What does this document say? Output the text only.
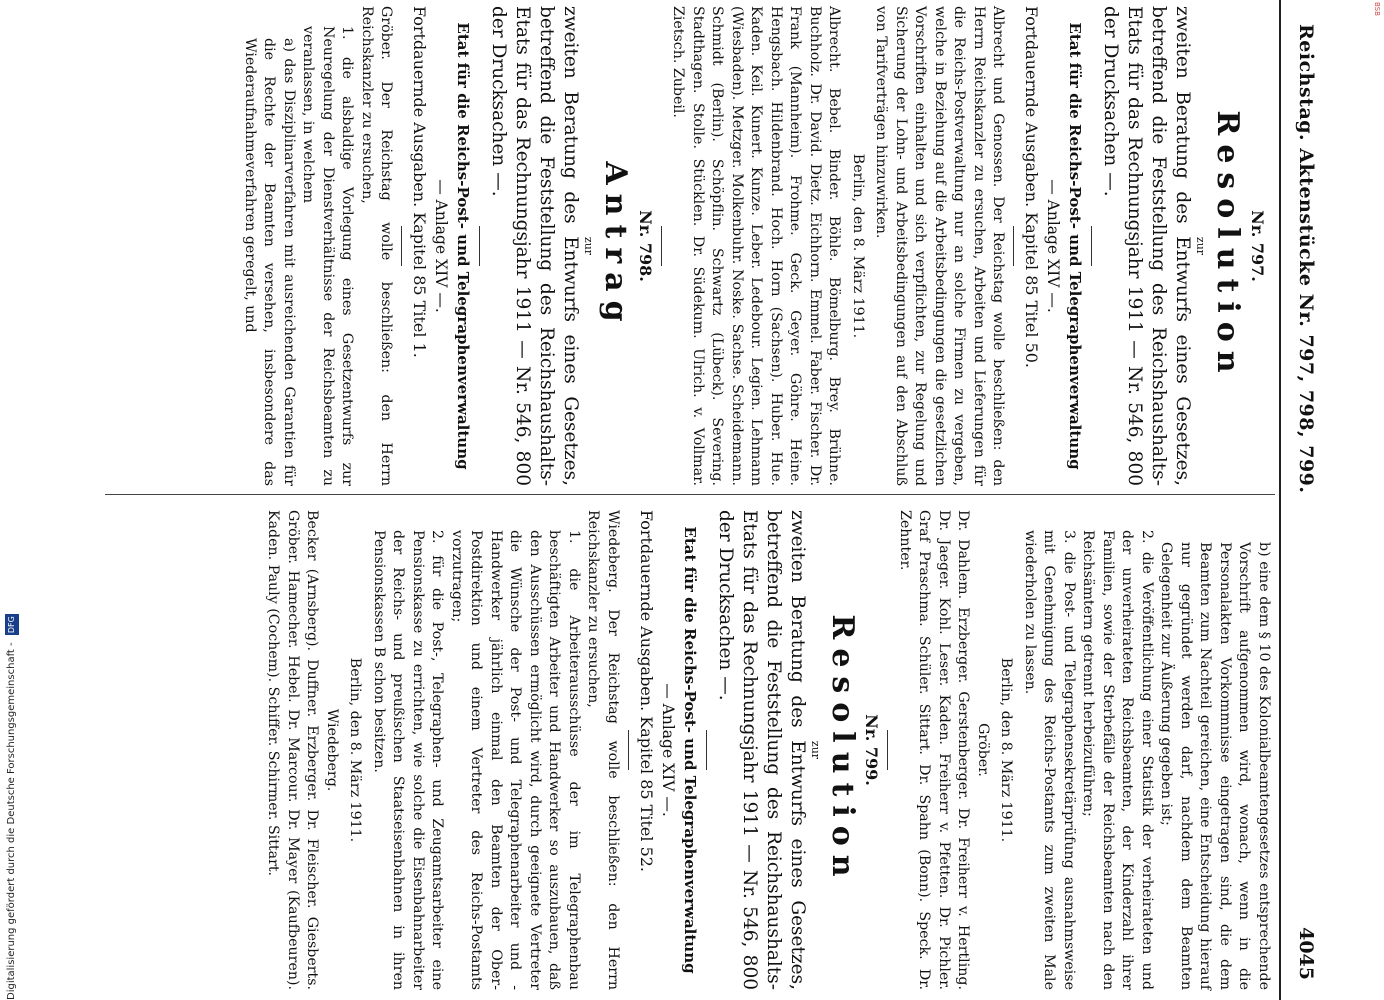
Reichstag. Aktenstücke Nr. 797, 798, 799.
4045

Nr. 797.

Resolution

zur

zweiten Beratung des Entwurfs eines Gesetzes, betreffend die Feststellung des Reichshaushalts-Etats für das Rechnungsjahr 1911 — Nr. 546, 800 der Drucksachen —.

Etat für die Reichs-Post- und Telegraphenverwaltung

— Anlage XIV —.

Fortdauernde Ausgaben. Kapitel 85 Titel 50.

Albrecht und Genossen. Der Reichstag wolle beschließen: den Herrn Reichskanzler zu ersuchen, Arbeiten und Lieferungen für die Reichs-Postverwaltung nur an solche Firmen zu vergeben, welche in Beziehung auf die Arbeitsbedingungen die gesetzlichen Vorschriften einhalten und sich verpflichten, zur Regelung und Sicherung der Lohn- und Arbeitsbedingungen auf den Abschluß von Tarifverträgen hinzuwirken.

Berlin, den 8. März 1911.

Albrecht. Bebel. Binder. Böhle. Bömelburg. Brey. Brühne. Buchholz. Dr. David. Dietz. Eichhorn. Emmel. Faber. Fischer. Dr. Frank (Mannheim). Frohme. Geck. Geyer. Göhre. Heine. Hengsbach. Hildenbrand. Hoch. Horn (Sachsen). Huber. Hue. Kaden. Keil. Kunert. Kunze. Leber. Ledebour. Legien. Lehmann (Wiesbaden). Metzger. Molkenbuhr. Noske. Sachse. Scheidemann. Schmidt (Berlin). Schöpflin. Schwartz (Lübeck). Severing. Stadthagen. Stolle. Stücklen. Dr. Südekum. Ulrich. v. Vollmar. Zietsch. Zubeil.

Nr. 798.

Antrag

zur

zweiten Beratung des Entwurfs eines Gesetzes, betreffend die Feststellung des Reichshaushalts-Etats für das Rechnungsjahr 1911 — Nr. 546, 800 der Drucksachen —.

Etat für die Reichs-Post- und Telegraphenverwaltung

— Anlage XIV —.

Fortdauernde Ausgaben. Kapitel 85 Titel 1.

Gröber. Der Reichstag wolle beschließen: den Herrn Reichskanzler zu ersuchen,

1. die alsbaldige Vorlegung eines Gesetzentwurfs zur Neuregelung der Dienstverhältnisse der Reichsbeamten zu veranlassen, in welchem

a) das Disziplinarverfahren mit ausreichenden Garantien für die Rechte der Beamten versehen, insbesondere das Wiederaufnahmeverfahren geregelt, und

b) eine dem § 10 des Kolonialbeamtengesetzes entsprechende Vorschrift aufgenommen wird, wonach, wenn in die Personalakten Vorkommnisse eingetragen sind, die dem Beamten zum Nachteil gereichen, eine Entscheidung hierauf nur gegründet werden darf, nachdem dem Beamten Gelegenheit zur Äußerung gegeben ist;

2. die Veröffentlichung einer Statistik der verheirateten und der unverheirateten Reichsbeamten, der Kinderzahl ihrer Familien, sowie der Sterbefälle der Reichsbeamten nach den Reichsämtern getrennt herbeizuführen;

3. die Post- und Telegraphensekretärprüfung ausnahmsweise mit Genehmigung des Reichs-Postamts zum zweiten Male wiederholen zu lassen.

Berlin, den 8. März 1911.

Gröber.

Dr. Dahlem. Erzberger. Gerstenberger. Dr. Freiherr v. Hertling. Dr. Jaeger. Kohl. Leser. Kaden. Freiherr v. Pfetten. Dr. Pichler. Graf Praschma. Schüler. Sittart. Dr. Spahn (Bonn). Speck. Dr. Zehnter.

Nr. 799.

Resolution

zur

zweiten Beratung des Entwurfs eines Gesetzes, betreffend die Feststellung des Reichshaushalts-Etats für das Rechnungsjahr 1911 — Nr. 546, 800 der Drucksachen —.

Etat für die Reichs-Post- und Telegraphenverwaltung

— Anlage XIV —.

Fortdauernde Ausgaben. Kapitel 85 Titel 52.

Wiedeberg. Der Reichstag wolle beschließen: den Herrn Reichskanzler zu ersuchen,

1. die Arbeiterausschüsse der im Telegraphenbau beschäftigten Arbeiter und Handwerker so auszubauen, daß den Ausschüssen ermöglicht wird, durch geeignete Vertreter die Wünsche der Post- und Telegraphenarbeiter und -Handwerker jährlich einmal den Beamten der Ober-Postdirektion und einem Vertreter des Reichs-Postamts vorzutragen;

2. für die Post-, Telegraphen- und Zeugamtsarbeiter eine Pensionskasse zu errichten, wie solche die Eisenbahnarbeiter der Reichs- und preußischen Staatseisenbahnen in ihren Pensionskassen B schon besitzen.

Berlin, den 8. März 1911.

Wiedeberg.

Becker (Arnsberg). Duffner. Erzberger. Dr. Fleischer. Giesberts. Gröber. Hamecher. Hebel. Dr. Marcour. Dr. Mayer (Kaufbeuren). Kaden. Pauly (Cochem). Schiffer. Schirmer. Sittart.

Digitalisierung gefördert durch die Deutsche Forschungsgemeinschaft - DFG
BSB
